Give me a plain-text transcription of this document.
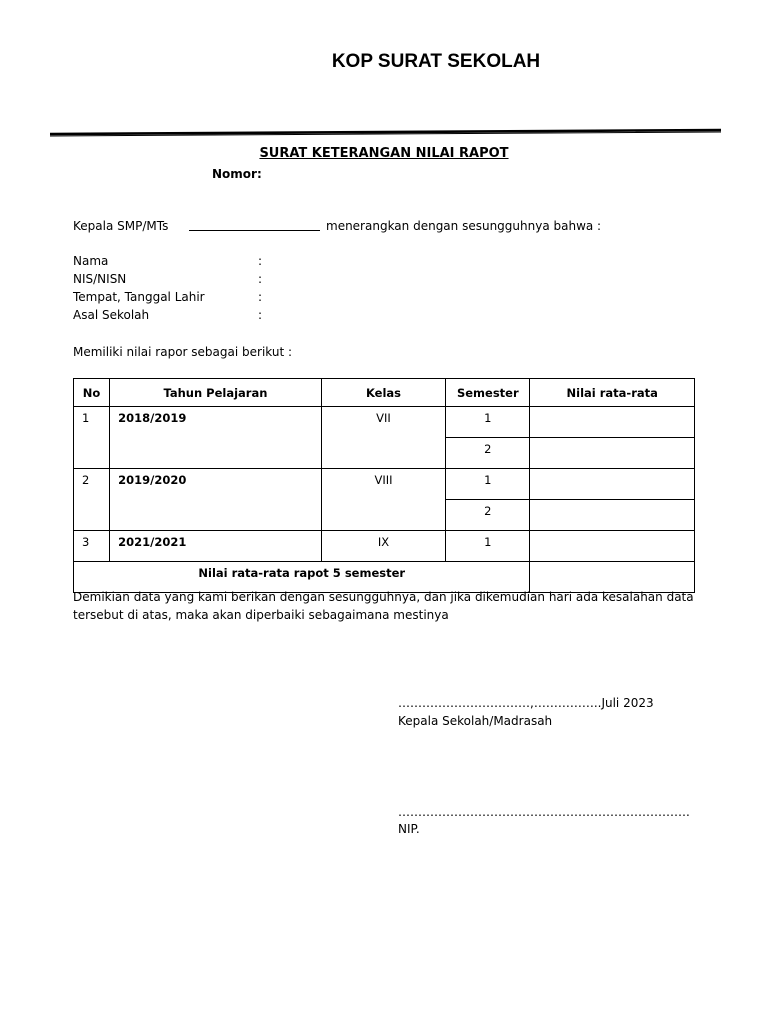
KOP SURAT SEKOLAH
SURAT KETERANGAN NILAI RAPOT
Nomor:
Kepala SMP/MTs	menerangkan dengan sesungguhnya bahwa :
Nama	:
NIS/NISN	:
Tempat, Tanggal Lahir	:
Asal Sekolah	:
Memiliki nilai rapor sebagai berikut :
No	Tahun Pelajaran	Kelas	Semester	Nilai rata-rata
1	2018/2019	VII	1	
			2	
2	2019/2020	VIII	1	
			2	
3	2021/2021	IX	1	
Nilai rata-rata rapot 5 semester				
Demikian data yang kami berikan dengan sesungguhnya, dan jika dikemudian hari ada kesalahan data tersebut di atas, maka akan diperbaiki sebagaimana mestinya
……………………………,……………..Juli 2023
Kepala Sekolah/Madrasah
……………………………………………………………….
NIP.
